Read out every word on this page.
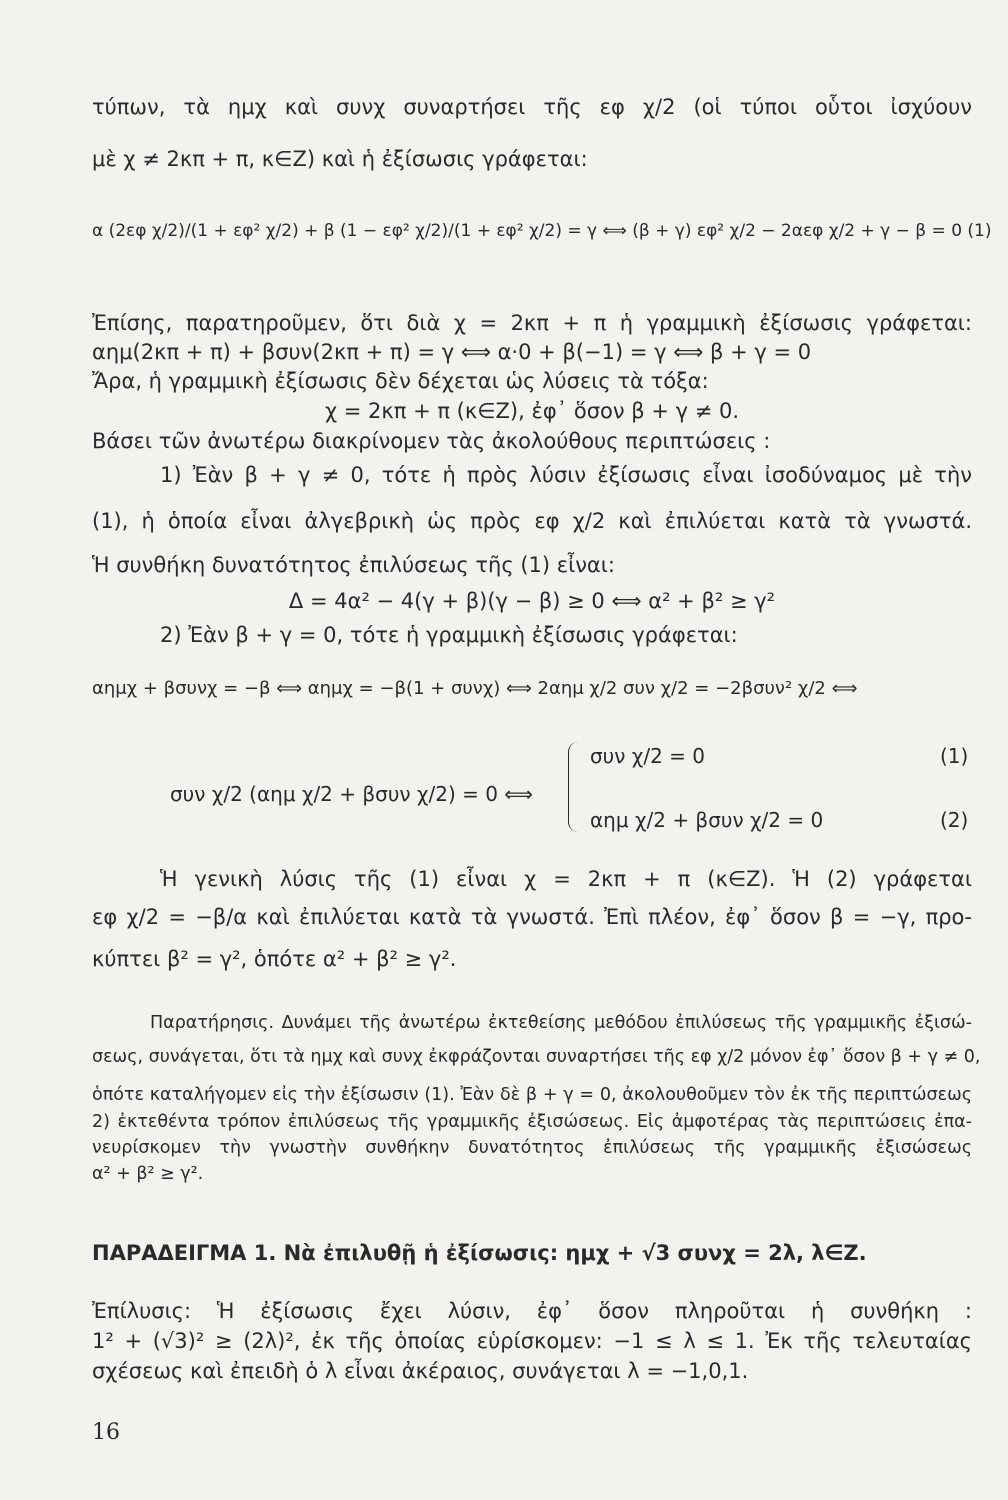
τύπων, τὰ ημχ καὶ συνχ συναρτήσει τῆς εφ χ/2 (οἱ τύποι οὗτοι ἰσχύουν
μὲ χ ≠ 2κπ + π, κ∈Z) καὶ ἡ ἐξίσωσις γράφεται:
α (2εφ χ/2)/(1 + εφ² χ/2) + β (1 − εφ² χ/2)/(1 + εφ² χ/2) = γ ⟺ (β + γ) εφ² χ/2 − 2αεφ χ/2 + γ − β = 0 (1)
Ἐπίσης, παρατηροῦμεν, ὅτι διὰ χ = 2κπ + π ἡ γραμμικὴ ἐξίσωσις γράφεται:
αημ(2κπ + π) + βσυν(2κπ + π) = γ ⟺ α·0 + β(−1) = γ ⟺ β + γ = 0
Ἄρα, ἡ γραμμικὴ ἐξίσωσις δὲν δέχεται ὡς λύσεις τὰ τόξα:
χ = 2κπ + π (κ∈Z), ἐφ᾽ ὅσον β + γ ≠ 0.
Βάσει τῶν ἀνωτέρω διακρίνομεν τὰς ἀκολούθους περιπτώσεις :
1) Ἐὰν β + γ ≠ 0, τότε ἡ πρὸς λύσιν ἐξίσωσις εἶναι ἰσοδύναμος μὲ τὴν
(1), ἡ ὁποία εἶναι ἀλγεβρικὴ ὡς πρὸς εφ χ/2 καὶ ἐπιλύεται κατὰ τὰ γνωστά.
Ἡ συνθήκη δυνατότητος ἐπιλύσεως τῆς (1) εἶναι:
Δ = 4α² − 4(γ + β)(γ − β) ≥ 0 ⟺ α² + β² ≥ γ²
2) Ἐὰν β + γ = 0, τότε ἡ γραμμικὴ ἐξίσωσις γράφεται:
αημχ + βσυνχ = −β ⟺ αημχ = −β(1 + συνχ) ⟺ 2αημ χ/2 συν χ/2 = −2βσυν² χ/2 ⟺
συν χ/2 (αημ χ/2 + βσυν χ/2) = 0 ⟺
συν χ/2 = 0	(1)
αημ χ/2 + βσυν χ/2 = 0	(2)
Ἡ γενικὴ λύσις τῆς (1) εἶναι χ = 2κπ + π (κ∈Z). Ἡ (2) γράφεται
εφ χ/2 = −β/α καὶ ἐπιλύεται κατὰ τὰ γνωστά. Ἐπὶ πλέον, ἐφ᾽ ὅσον β = −γ, προ-
κύπτει β² = γ², ὁπότε α² + β² ≥ γ².
Παρατήρησις. Δυνάμει τῆς ἀνωτέρω ἐκτεθείσης μεθόδου ἐπιλύσεως τῆς γραμμικῆς ἐξισώ-
σεως, συνάγεται, ὅτι τὰ ημχ καὶ συνχ ἐκφράζονται συναρτήσει τῆς εφ χ/2 μόνον ἐφ᾽ ὅσον β + γ ≠ 0,
ὁπότε καταλήγομεν εἰς τὴν ἐξίσωσιν (1). Ἐὰν δὲ β + γ = 0, ἀκολουθοῦμεν τὸν ἐκ τῆς περιπτώσεως
2) ἐκτεθέντα τρόπον ἐπιλύσεως τῆς γραμμικῆς ἐξισώσεως. Εἰς ἀμφοτέρας τὰς περιπτώσεις ἐπα-
νευρίσκομεν τὴν γνωστὴν συνθήκην δυνατότητος ἐπιλύσεως τῆς γραμμικῆς ἐξισώσεως
α² + β² ≥ γ².
ΠΑΡΑΔΕΙΓΜΑ 1. Νὰ ἐπιλυθῇ ἡ ἐξίσωσις: ημχ + √3 συνχ = 2λ, λ∈Z.
Ἐπίλυσις: Ἡ ἐξίσωσις ἔχει λύσιν, ἐφ᾽ ὅσον πληροῦται ἡ συνθήκη :
1² + (√3)² ≥ (2λ)², ἐκ τῆς ὁποίας εὑρίσκομεν: −1 ≤ λ ≤ 1. Ἐκ τῆς τελευταίας
σχέσεως καὶ ἐπειδὴ ὁ λ εἶναι ἀκέραιος, συνάγεται λ = −1,0,1.
16
